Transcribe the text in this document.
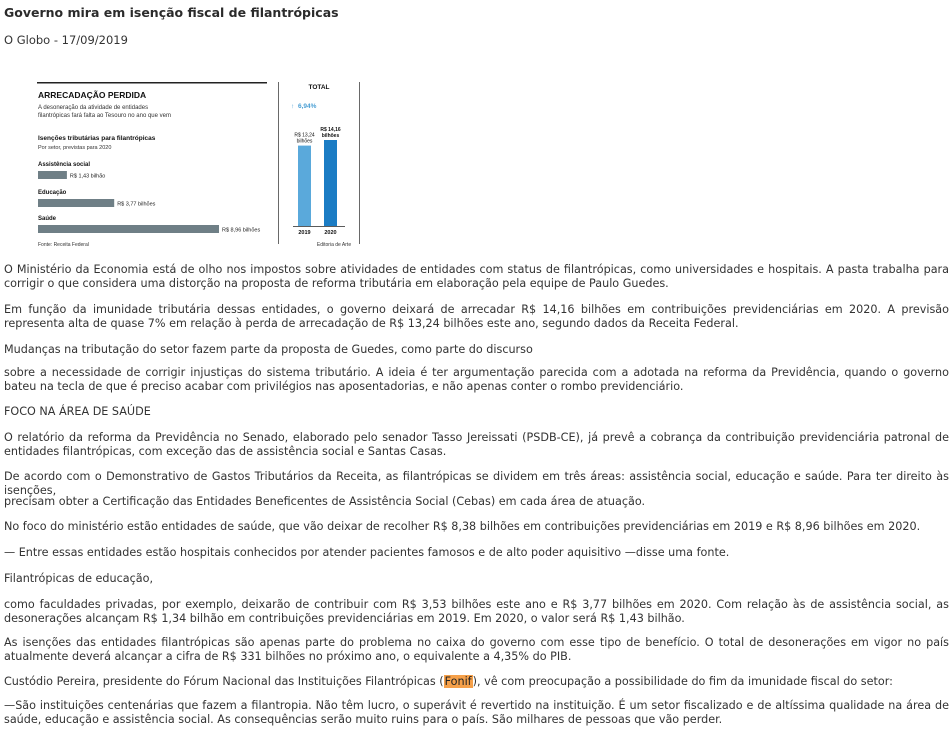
Governo mira em isenção fiscal de filantrópicas
O Globo - 17/09/2019
ARRECADAÇÃO PERDIDA
A desoneração da atividade de entidades
filantrópicas fará falta ao Tesouro no ano que vem
Isenções tributárias para filantrópicas
Por setor, previstas para 2020
Assistência social
R$ 1,43 bilhão
Educação
R$ 3,77 bilhões
Saúde
R$ 8,96 bilhões
Fonte: Receita Federal
TOTAL
↑ 6,94%
2019
R$ 13,24
bilhões
2020
R$ 14,16
bilhões
Editoria de Arte

O Ministério da Economia está de olho nos impostos sobre atividades de entidades com status de filantrópicas, como universidades e hospitais. A pasta trabalha para corrigir o que considera uma distorção na proposta de reforma tributária em elaboração pela equipe de Paulo Guedes.

Em função da imunidade tributária dessas entidades, o governo deixará de arrecadar R$ 14,16 bilhões em contribuições previdenciárias em 2020. A previsão representa alta de quase 7% em relação à perda de arrecadação de R$ 13,24 bilhões este ano, segundo dados da Receita Federal.

Mudanças na tributação do setor fazem parte da proposta de Guedes, como parte do discurso

sobre a necessidade de corrigir injustiças do sistema tributário. A ideia é ter argumentação parecida com a adotada na reforma da Previdência, quando o governo bateu na tecla de que é preciso acabar com privilégios nas aposentadorias, e não apenas conter o rombo previdenciário.

FOCO NA ÁREA DE SAÚDE

O relatório da reforma da Previdência no Senado, elaborado pelo senador Tasso Jereissati (PSDB-CE), já prevê a cobrança da contribuição previdenciária patronal de entidades filantrópicas, com exceção das de assistência social e Santas Casas.

De acordo com o Demonstrativo de Gastos Tributários da Receita, as filantrópicas se dividem em três áreas: assistência social, educação e saúde. Para ter direito às isenções,

precisam obter a Certificação das Entidades Beneficentes de Assistência Social (Cebas) em cada área de atuação.

No foco do ministério estão entidades de saúde, que vão deixar de recolher R$ 8,38 bilhões em contribuições previdenciárias em 2019 e R$ 8,96 bilhões em 2020.

— Entre essas entidades estão hospitais conhecidos por atender pacientes famosos e de alto poder aquisitivo —disse uma fonte.

Filantrópicas de educação,

como faculdades privadas, por exemplo, deixarão de contribuir com R$ 3,53 bilhões este ano e R$ 3,77 bilhões em 2020. Com relação às de assistência social, as desonerações alcançam R$ 1,34 bilhão em contribuições previdenciárias em 2019. Em 2020, o valor será R$ 1,43 bilhão.

As isenções das entidades filantrópicas são apenas parte do problema no caixa do governo com esse tipo de benefício. O total de desonerações em vigor no país atualmente deverá alcançar a cifra de R$ 331 bilhões no próximo ano, o equivalente a 4,35% do PIB.

Custódio Pereira, presidente do Fórum Nacional das Instituições Filantrópicas (Fonif), vê com preocupação a possibilidade do fim da imunidade fiscal do setor:

—São instituições centenárias que fazem a filantropia. Não têm lucro, o superávit é revertido na instituição. É um setor fiscalizado e de altíssima qualidade na área de saúde, educação e assistência social. As consequências serão muito ruins para o país. São milhares de pessoas que vão perder.
